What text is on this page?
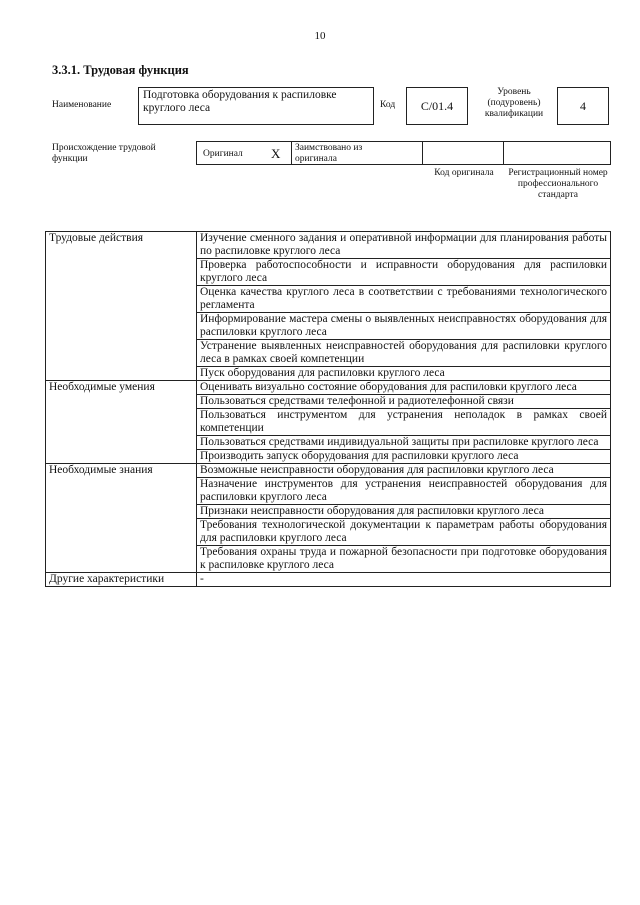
10
3.3.1. Трудовая функция
Наименование
Подготовка оборудования к распиловке круглого леса	Код C/01.4
Уровень (подуровень) квалификации
4
Происхождение трудовой функции	Оригинал X Заимствовано из оригинала
Код оригинала	Регистрационный номер профессионального стандарта
Трудовые действия	Изучение сменного задания и оперативной информации для планирования работы по распиловке круглого леса
	Проверка работоспособности и исправности оборудования для распиловки круглого леса
	Оценка качества круглого леса в соответствии с требованиями технологического регламента
	Информирование мастера смены о выявленных неисправностях оборудования для распиловки круглого леса
	Устранение выявленных неисправностей оборудования для распиловки круглого леса в рамках своей компетенции
	Пуск оборудования для распиловки круглого леса
Необходимые умения	Оценивать визуально состояние оборудования для распиловки круглого леса
	Пользоваться средствами телефонной и радиотелефонной связи
	Пользоваться инструментом для устранения неполадок в рамках своей компетенции
	Пользоваться средствами индивидуальной защиты при распиловке круглого леса
	Производить запуск оборудования для распиловки круглого леса
Необходимые знания	Возможные неисправности оборудования для распиловки круглого леса
	Назначение инструментов для устранения неисправностей оборудования для распиловки круглого леса
	Признаки неисправности оборудования для распиловки круглого леса
	Требования технологической документации к параметрам работы оборудования для распиловки круглого леса
	Требования охраны труда и пожарной безопасности при подготовке оборудования к распиловке круглого леса
Другие характеристики	-
